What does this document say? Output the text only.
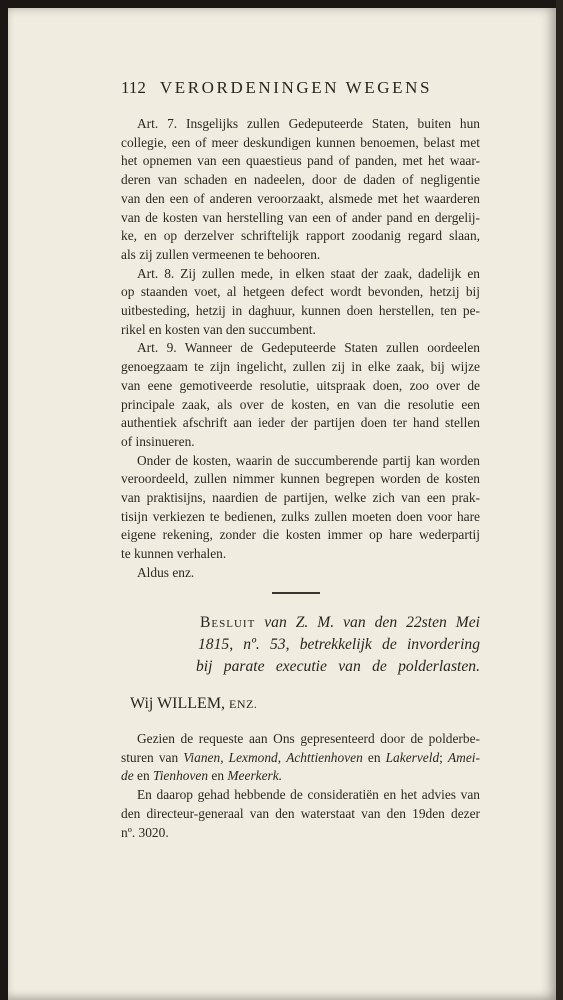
112 VERORDENINGEN WEGENS

Art. 7. Insgelijks zullen Gedeputeerde Staten, buiten hun

collegie, een of meer deskundigen kunnen benoemen, belast met

het opnemen van een quaestieus pand of panden, met het waar-

deren van schaden en nadeelen, door de daden of negligentie

van den een of anderen veroorzaakt, alsmede met het waarderen

van de kosten van herstelling van een of ander pand en dergelij-

ke, en op derzelver schriftelijk rapport zoodanig regard slaan,

als zij zullen vermeenen te behooren.

Art. 8. Zij zullen mede, in elken staat der zaak, dadelijk en

op staanden voet, al hetgeen defect wordt bevonden, hetzij bij

uitbesteding, hetzij in daghuur, kunnen doen herstellen, ten pe-

rikel en kosten van den succumbent.

Art. 9. Wanneer de Gedeputeerde Staten zullen oordeelen

genoegzaam te zijn ingelicht, zullen zij in elke zaak, bij wijze

van eene gemotiveerde resolutie, uitspraak doen, zoo over de

principale zaak, als over de kosten, en van die resolutie een

authentiek afschrift aan ieder der partijen doen ter hand stellen

of insinueren.

Onder de kosten, waarin de succumberende partij kan worden

veroordeeld, zullen nimmer kunnen begrepen worden de kosten

van praktisijns, naardien de partijen, welke zich van een prak-

tisijn verkiezen te bedienen, zulks zullen moeten doen voor hare

eigene rekening, zonder die kosten immer op hare wederpartij

te kunnen verhalen.

Aldus enz.

Besluit van Z. M. van den 22sten Mei

1815, nº. 53, betrekkelijk de invordering

bij parate executie van de polderlasten.

Wij WILLEM, ENZ.

Gezien de requeste aan Ons gepresenteerd door de polderbe-

sturen van Vianen, Lexmond, Achttienhoven en Lakerveld; Amei-

de en Tienhoven en Meerkerk.

En daarop gehad hebbende de consideratiën en het advies van

den directeur-generaal van den waterstaat van den 19den dezer

nº. 3020.
